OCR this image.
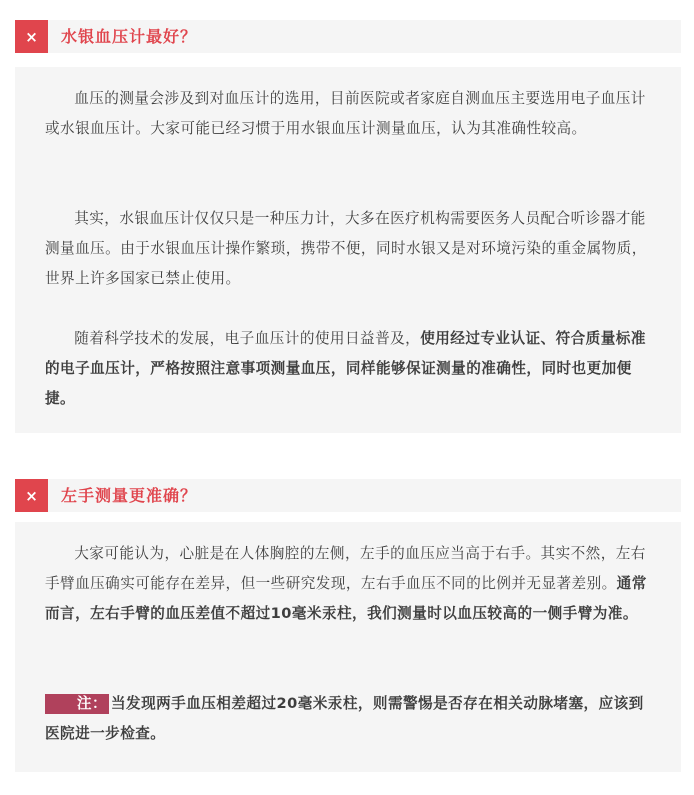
×	水银血压计最好？

血压的测量会涉及到对血压计的选用，目前医院或者家庭自测血压主要选用电子血压计或水银血压计。大家可能已经习惯于用水银血压计测量血压，认为其准确性较高。

其实，水银血压计仅仅只是一种压力计，大多在医疗机构需要医务人员配合听诊器才能测量血压。由于水银血压计操作繁琐，携带不便，同时水银又是对环境污染的重金属物质，世界上许多国家已禁止使用。

随着科学技术的发展，电子血压计的使用日益普及，使用经过专业认证、符合质量标准的电子血压计，严格按照注意事项测量血压，同样能够保证测量的准确性，同时也更加便捷。

×	左手测量更准确？

大家可能认为，心脏是在人体胸腔的左侧，左手的血压应当高于右手。其实不然，左右手臂血压确实可能存在差异，但一些研究发现，左右手血压不同的比例并无显著差别。通常而言，左右手臂的血压差值不超过10毫米汞柱，我们测量时以血压较高的一侧手臂为准。

注： 当发现两手血压相差超过20毫米汞柱，则需警惕是否存在相关动脉堵塞，应该到医院进一步检查。
